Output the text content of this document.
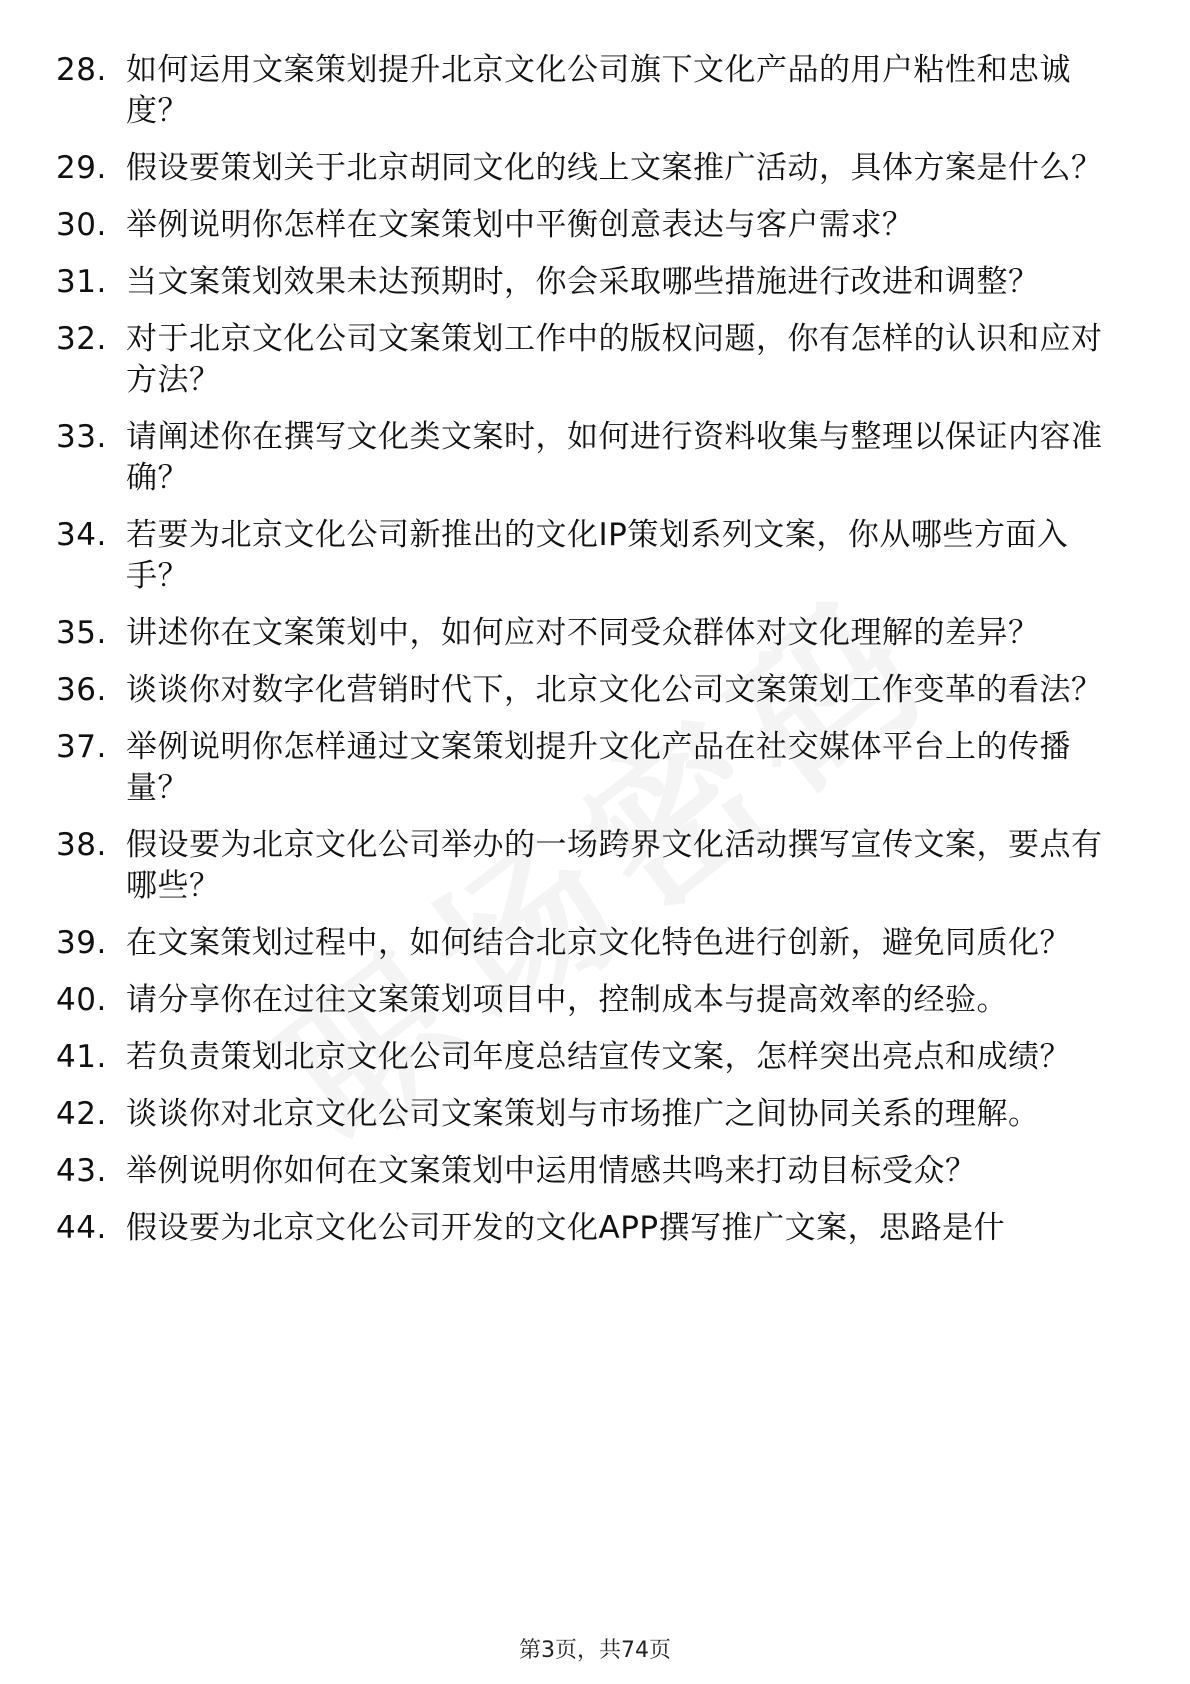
28. 如何运用文案策划提升北京文化公司旗下文化产品的用户粘性和忠诚度？
29. 假设要策划关于北京胡同文化的线上文案推广活动，具体方案是什么？
30. 举例说明你怎样在文案策划中平衡创意表达与客户需求？
31. 当文案策划效果未达预期时，你会采取哪些措施进行改进和调整？
32. 对于北京文化公司文案策划工作中的版权问题，你有怎样的认识和应对方法？
33. 请阐述你在撰写文化类文案时，如何进行资料收集与整理以保证内容准确？
34. 若要为北京文化公司新推出的文化IP策划系列文案，你从哪些方面入手？
35. 讲述你在文案策划中，如何应对不同受众群体对文化理解的差异？
36. 谈谈你对数字化营销时代下，北京文化公司文案策划工作变革的看法？
37. 举例说明你怎样通过文案策划提升文化产品在社交媒体平台上的传播量？
38. 假设要为北京文化公司举办的一场跨界文化活动撰写宣传文案，要点有哪些？
39. 在文案策划过程中，如何结合北京文化特色进行创新，避免同质化？
40. 请分享你在过往文案策划项目中，控制成本与提高效率的经验。
41. 若负责策划北京文化公司年度总结宣传文案，怎样突出亮点和成绩？
42. 谈谈你对北京文化公司文案策划与市场推广之间协同关系的理解。
43. 举例说明你如何在文案策划中运用情感共鸣来打动目标受众？
44. 假设要为北京文化公司开发的文化APP撰写推广文案，思路是什
第3页，共74页
